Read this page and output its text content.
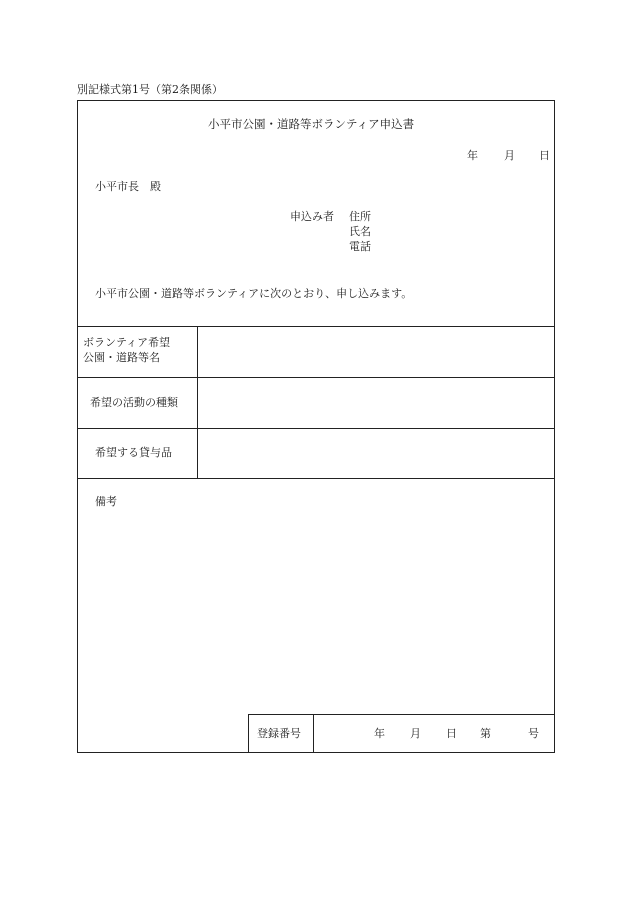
別記様式第1号（第2条関係）
小平市公園・道路等ボランティア申込書
年 月 日
小平市長　殿
申込み者 住所
氏名
電話
小平市公園・道路等ボランティアに次のとおり、申し込みます。
ボランティア希望
公園・道路等名
希望の活動の種類
希望する貸与品
備考
登録番号	年 月 日 第	号
